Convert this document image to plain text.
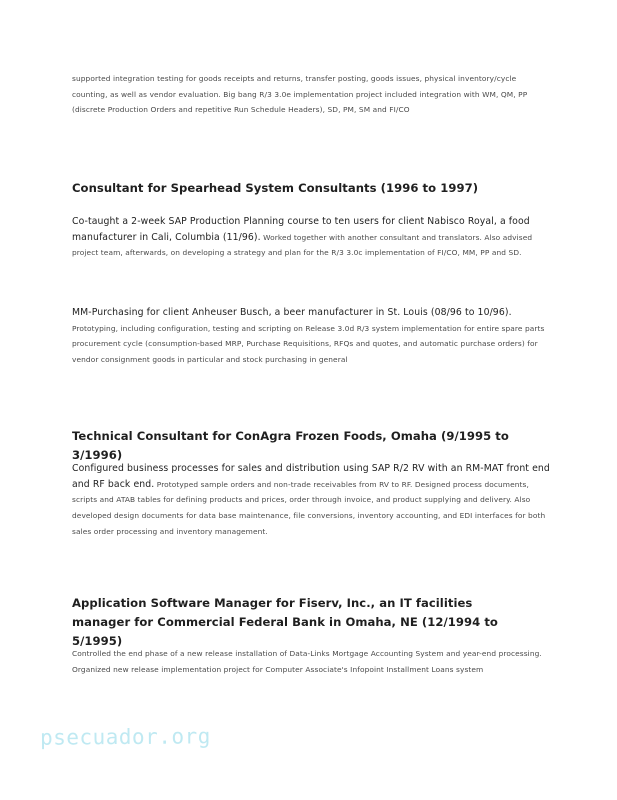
supported integration testing for goods receipts and returns, transfer posting, goods issues, physical inventory/cycle counting, as well as vendor evaluation. Big bang R/3 3.0e implementation project included integration with WM, QM, PP (discrete Production Orders and repetitive Run Schedule Headers), SD, PM, SM and FI/CO

Consultant for Spearhead System Consultants (1996 to 1997)

Co-taught a 2-week SAP Production Planning course to ten users for client Nabisco Royal, a food manufacturer in Cali, Columbia (11/96). Worked together with another consultant and translators. Also advised project team, afterwards, on developing a strategy and plan for the R/3 3.0c implementation of FI/CO, MM, PP and SD.

MM-Purchasing for client Anheuser Busch, a beer manufacturer in St. Louis (08/96 to 10/96). Prototyping, including configuration, testing and scripting on Release 3.0d R/3 system implementation for entire spare parts procurement cycle (consumption-based MRP, Purchase Requisitions, RFQs and quotes, and automatic purchase orders) for vendor consignment goods in particular and stock purchasing in general

Technical Consultant for ConAgra Frozen Foods, Omaha (9/1995 to 3/1996)

Configured business processes for sales and distribution using SAP R/2 RV with an RM-MAT front end and RF back end. Prototyped sample orders and non-trade receivables from RV to RF. Designed process documents, scripts and ATAB tables for defining products and prices, order through invoice, and product supplying and delivery. Also developed design documents for data base maintenance, file conversions, inventory accounting, and EDI interfaces for both sales order processing and inventory management.

Application Software Manager for Fiserv, Inc., an IT facilities manager for Commercial Federal Bank in Omaha, NE (12/1994 to 5/1995)

Controlled the end phase of a new release installation of Data-Links Mortgage Accounting System and year-end processing. Organized new release implementation project for Computer Associate's Infopoint Installment Loans system

psecuador.org
